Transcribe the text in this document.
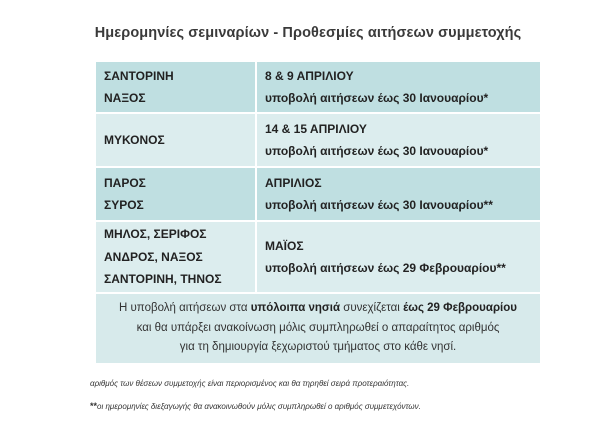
Ημερομηνίες σεμιναρίων - Προθεσμίες αιτήσεων συμμετοχής
ΣΑΝΤΟΡΙΝΗ
ΝΑΞΟΣ	8 & 9 ΑΠΡΙΛΙΟΥ
υποβολή αιτήσεων έως 30 Ιανουαρίου*

ΜΥΚΟΝΟΣ	14 & 15 ΑΠΡΙΛΙΟΥ
υποβολή αιτήσεων έως 30 Ιανουαρίου*

ΠΑΡΟΣ
ΣΥΡΟΣ	ΑΠΡΙΛΙΟΣ
υποβολή αιτήσεων έως 30 Ιανουαρίου**

ΜΗΛΟΣ, ΣΕΡΙΦΟΣ
ΑΝΔΡΟΣ, ΝΑΞΟΣ
ΣΑΝΤΟΡΙΝΗ, ΤΗΝΟΣ	ΜΑΪΟΣ
υποβολή αιτήσεων έως 29 Φεβρουαρίου**

Η υποβολή αιτήσεων στα υπόλοιπα νησιά συνεχίζεται έως 29 Φεβρουαρίου
και θα υπάρξει ανακοίνωση μόλις συμπληρωθεί ο απαραίτητος αριθμός
για τη δημιουργία ξεχωριστού τμήματος στο κάθε νησί.	
αριθμός των θέσεων συμμετοχής είναι περιορισμένος και θα τηρηθεί σειρά προτεραιότητας.
**οι ημερομηνίες διεξαγωγής θα ανακοινωθούν μόλις συμπληρωθεί ο αριθμός συμμετεχόντων.
